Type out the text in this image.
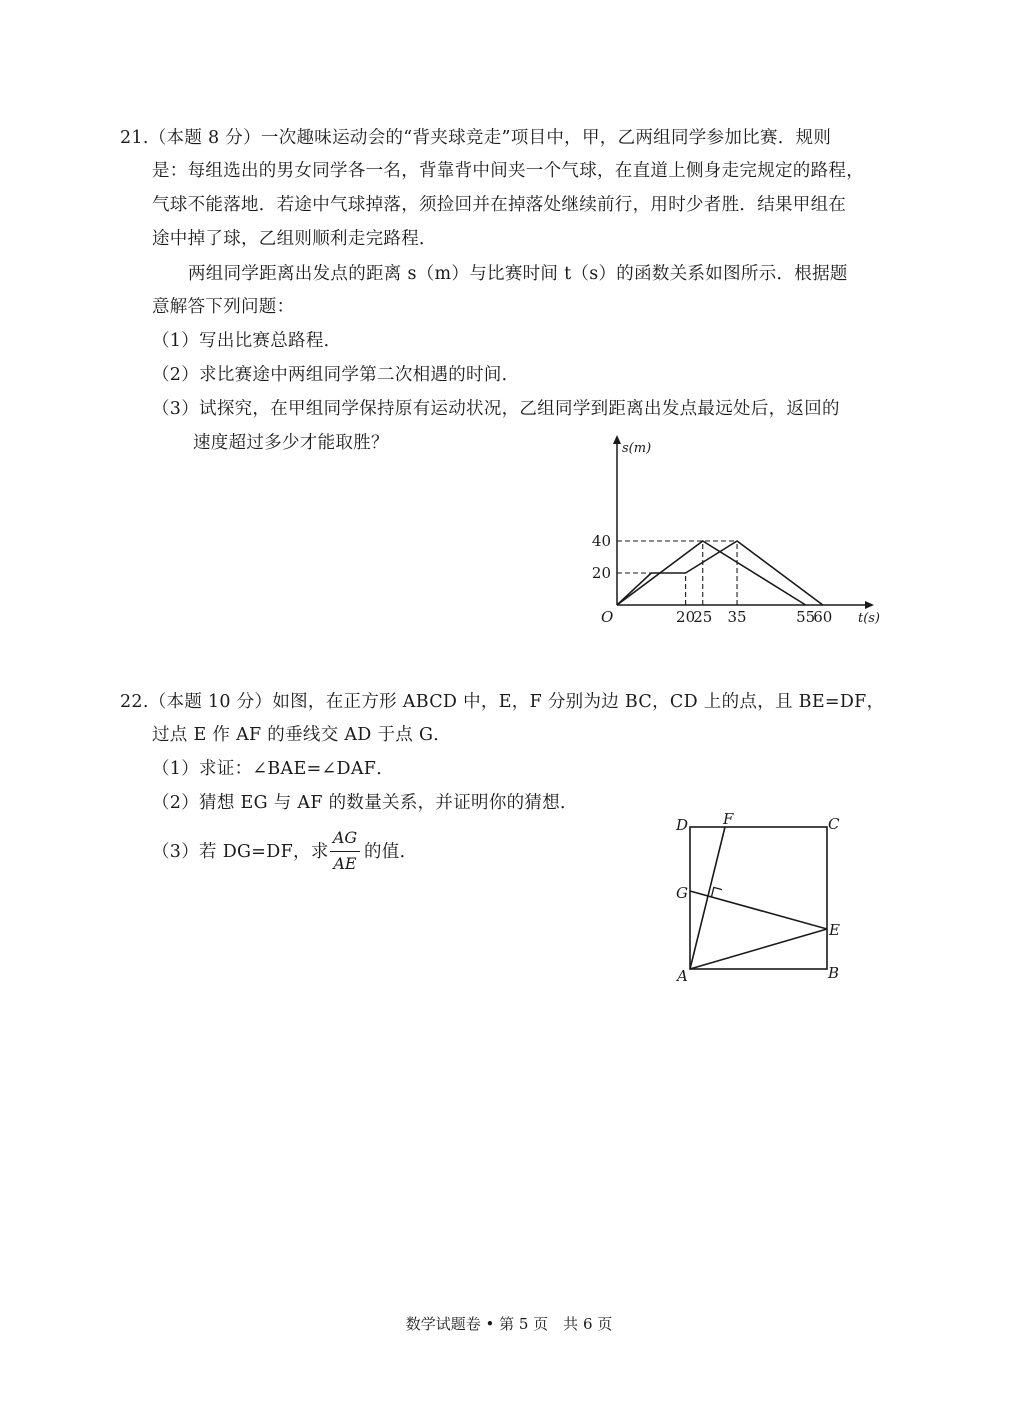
21.（本题 8 分）一次趣味运动会的“背夹球竞走”项目中，甲，乙两组同学参加比赛．规则
是：每组选出的男女同学各一名，背靠背中间夹一个气球，在直道上侧身走完规定的路程，
气球不能落地．若途中气球掉落，须捡回并在掉落处继续前行，用时少者胜．结果甲组在
途中掉了球，乙组则顺利走完路程．
两组同学距离出发点的距离 s（m）与比赛时间 t（s）的函数关系如图所示．根据题
意解答下列问题：
（1）写出比赛总路程．
（2）求比赛途中两组同学第二次相遇的时间．
（3）试探究，在甲组同学保持原有运动状况，乙组同学到距离出发点最远处后，返回的
速度超过多少才能取胜？
20
25 35	55
60
20
40
O	t(s)
s(m)
22.（本题 10 分）如图，在正方形 ABCD 中，E，F 分别为边 BC，CD 上的点，且 BE=DF，
过点 E 作 AF 的垂线交 AD 于点 G．
（1）求证：∠BAE=∠DAF．
（2）猜想 EG 与 AF 的数量关系，并证明你的猜想．
（3）若 DG=DF，求
AG
AE
的值．
D F	C
G
E
A	B
数学试题卷 • 第 5 页　共 6 页
